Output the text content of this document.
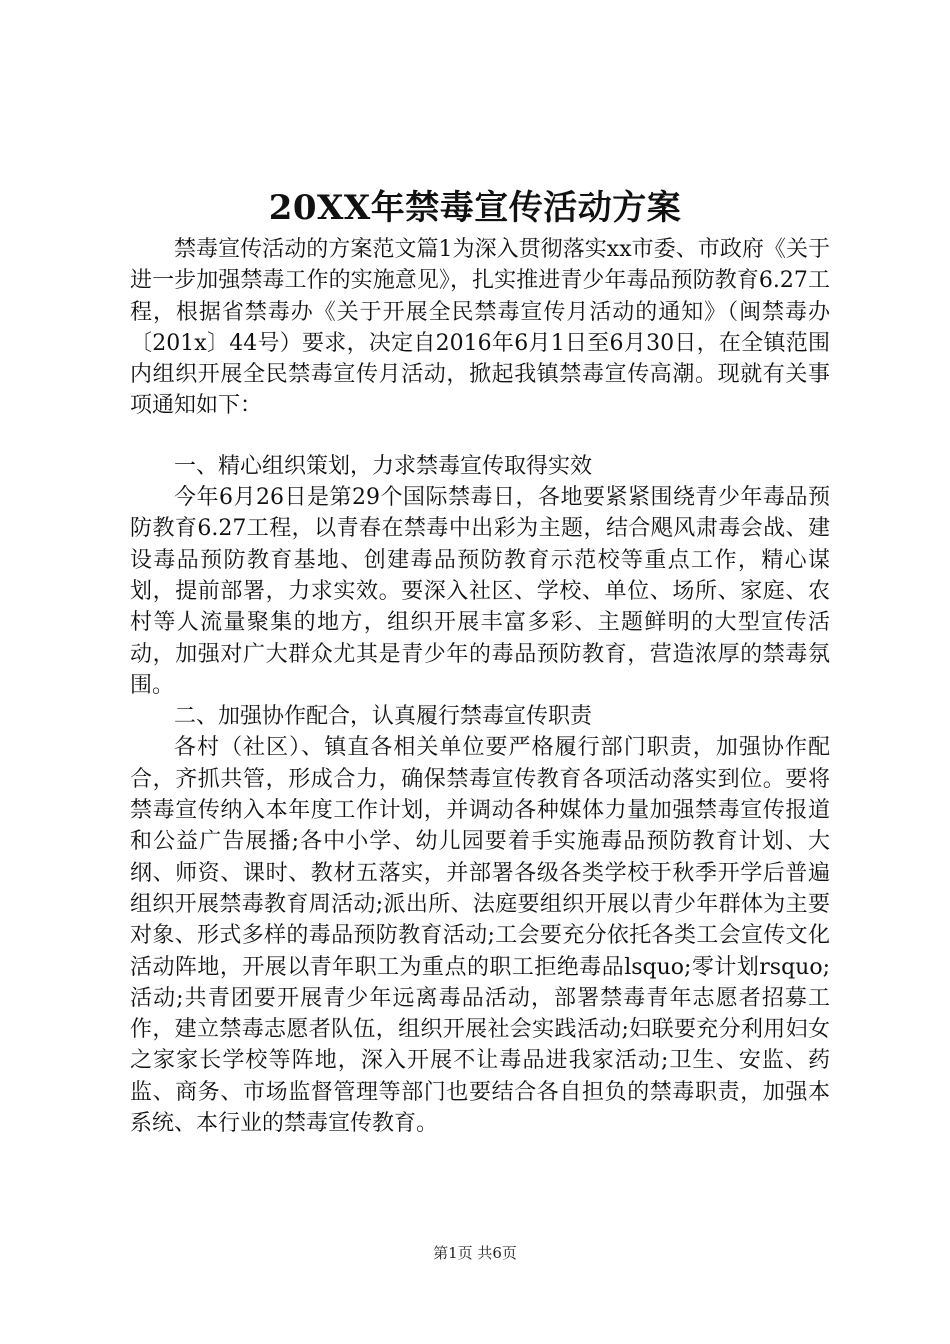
20XX年禁毒宣传活动方案

禁毒宣传活动的方案范文篇1为深入贯彻落实xx市委、市政府《关于进一步加强禁毒工作的实施意见》，扎实推进青少年毒品预防教育6.27工程，根据省禁毒办《关于开展全民禁毒宣传月活动的通知》（闽禁毒办〔201x〕44号）要求，决定自2016年6月1日至6月30日，在全镇范围内组织开展全民禁毒宣传月活动，掀起我镇禁毒宣传高潮。现就有关事项通知如下：

一、精心组织策划，力求禁毒宣传取得实效

今年6月26日是第29个国际禁毒日，各地要紧紧围绕青少年毒品预防教育6.27工程，以青春在禁毒中出彩为主题，结合飓风肃毒会战、建设毒品预防教育基地、创建毒品预防教育示范校等重点工作，精心谋划，提前部署，力求实效。要深入社区、学校、单位、场所、家庭、农村等人流量聚集的地方，组织开展丰富多彩、主题鲜明的大型宣传活动，加强对广大群众尤其是青少年的毒品预防教育，营造浓厚的禁毒氛围。

二、加强协作配合，认真履行禁毒宣传职责

各村（社区）、镇直各相关单位要严格履行部门职责，加强协作配合，齐抓共管，形成合力，确保禁毒宣传教育各项活动落实到位。要将禁毒宣传纳入本年度工作计划，并调动各种媒体力量加强禁毒宣传报道和公益广告展播;各中小学、幼儿园要着手实施毒品预防教育计划、大纲、师资、课时、教材五落实，并部署各级各类学校于秋季开学后普遍组织开展禁毒教育周活动;派出所、法庭要组织开展以青少年群体为主要对象、形式多样的毒品预防教育活动;工会要充分依托各类工会宣传文化活动阵地，开展以青年职工为重点的职工拒绝毒品lsquo;零计划rsquo;活动;共青团要开展青少年远离毒品活动，部署禁毒青年志愿者招募工作，建立禁毒志愿者队伍，组织开展社会实践活动;妇联要充分利用妇女之家家长学校等阵地，深入开展不让毒品进我家活动;卫生、安监、药监、商务、市场监督管理等部门也要结合各自担负的禁毒职责，加强本系统、本行业的禁毒宣传教育。

第1页 共6页
